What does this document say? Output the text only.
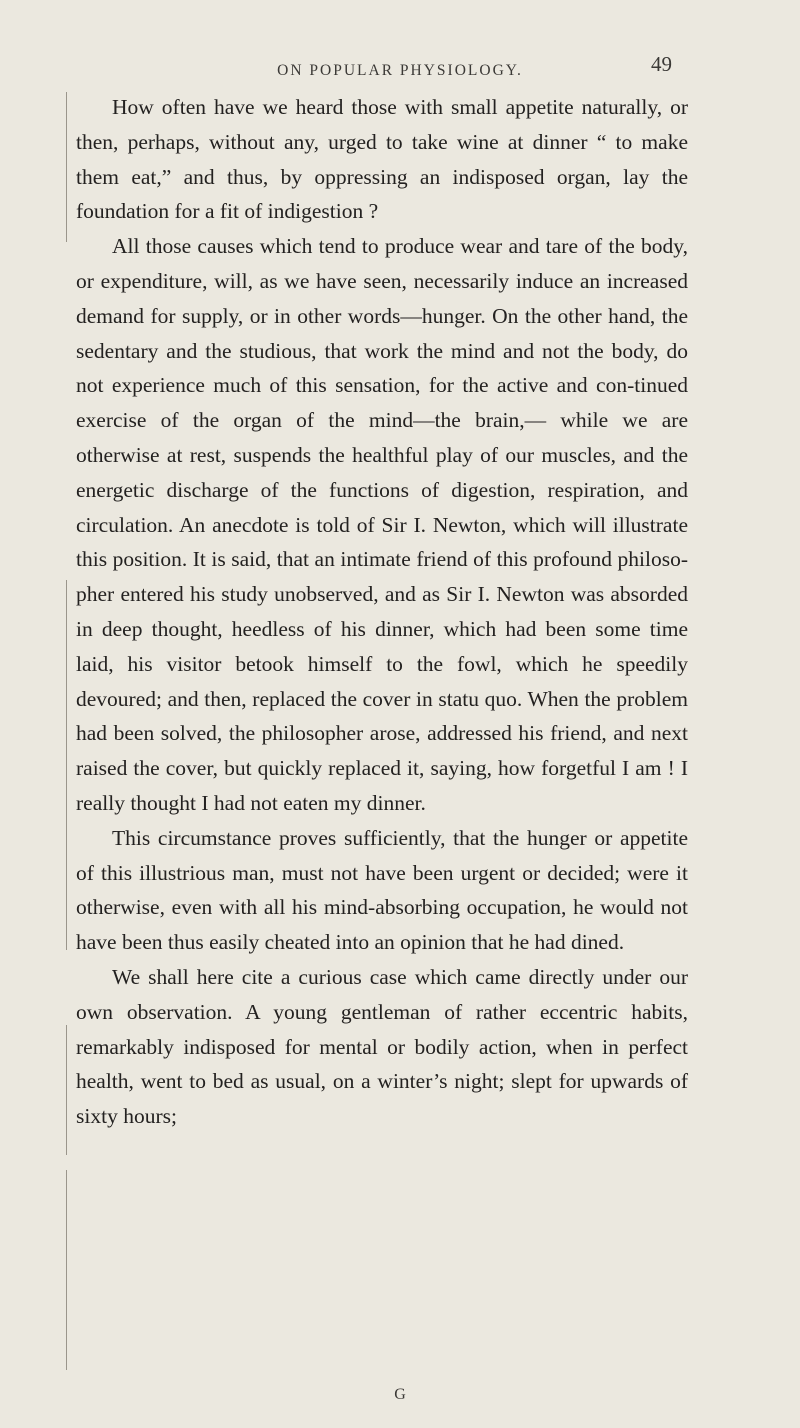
ON POPULAR PHYSIOLOGY.	49

How often have we heard those with small appetite naturally, or then, perhaps, without any, urged to take wine at dinner “ to make them eat,” and thus, by oppressing an indisposed organ, lay the foundation for a fit of indigestion ?

All those causes which tend to produce wear and tare of the body, or expenditure, will, as we have seen, necessarily induce an increased demand for supply, or in other words—hunger. On the other hand, the sedentary and the studious, that work the mind and not the body, do not experience much of this sensation, for the active and con-tinued exercise of the organ of the mind—the brain,— while we are otherwise at rest, suspends the healthful play of our muscles, and the energetic discharge of the functions of digestion, respiration, and circulation. An anecdote is told of Sir I. Newton, which will illustrate this position. It is said, that an intimate friend of this profound philoso-pher entered his study unobserved, and as Sir I. Newton was absorded in deep thought, heedless of his dinner, which had been some time laid, his visitor betook himself to the fowl, which he speedily devoured; and then, replaced the cover in statu quo. When the problem had been solved, the philosopher arose, addressed his friend, and next raised the cover, but quickly replaced it, saying, how forgetful I am ! I really thought I had not eaten my dinner.

This circumstance proves sufficiently, that the hunger or appetite of this illustrious man, must not have been urgent or decided; were it otherwise, even with all his mind-absorbing occupation, he would not have been thus easily cheated into an opinion that he had dined.

We shall here cite a curious case which came directly under our own observation. A young gentleman of rather eccentric habits, remarkably indisposed for mental or bodily action, when in perfect health, went to bed as usual, on a winter’s night; slept for upwards of sixty hours;

G
